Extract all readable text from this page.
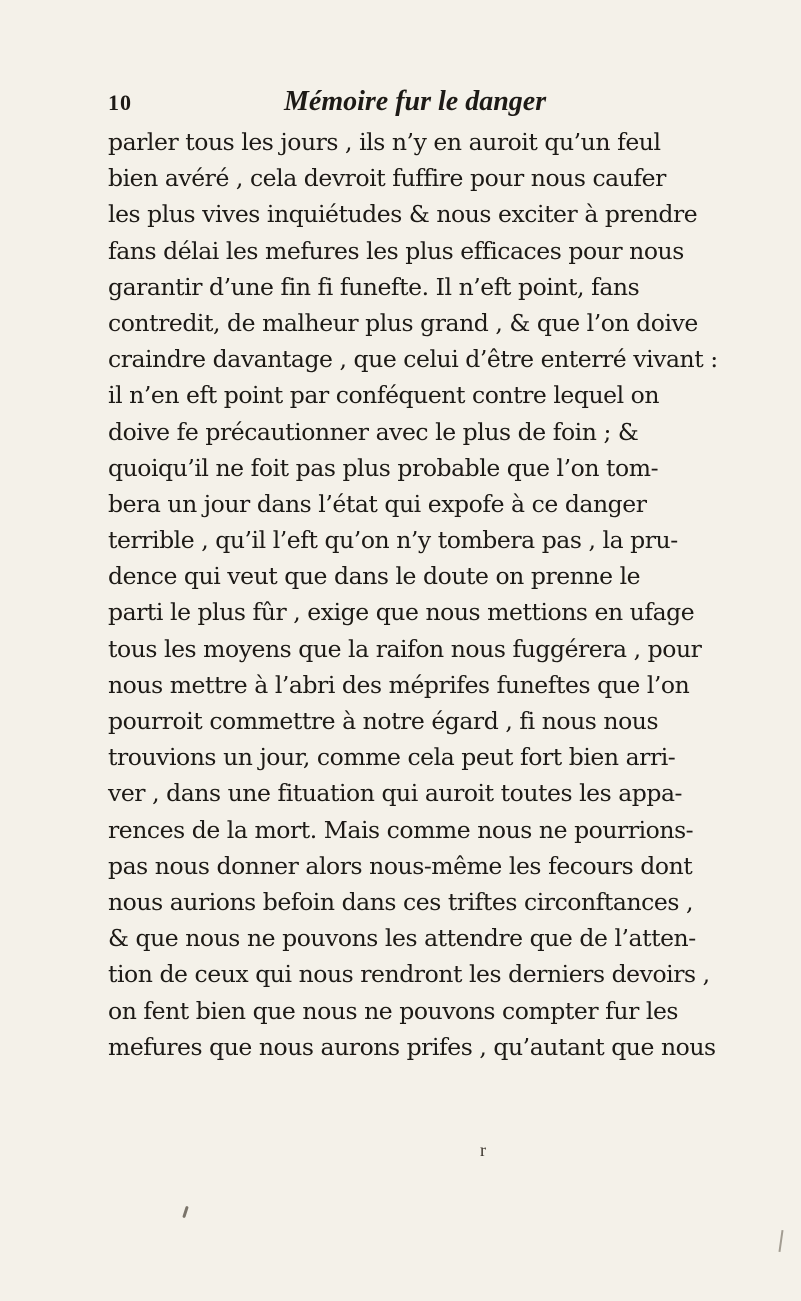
10	Mémoire fur le danger
parler tous les jours , ils n’y en auroit qu’un feul
bien avéré , cela devroit fuffire pour nous caufer
les plus vives inquiétudes & nous exciter à prendre
fans délai les mefures les plus efficaces pour nous
garantir d’une fin fi funefte. Il n’eft point, fans
contredit, de malheur plus grand , & que l’on doive
craindre davantage , que celui d’être enterré vivant :
il n’en eft point par conféquent contre lequel on
doive fe précautionner avec le plus de foin ; &
quoiqu’il ne foit pas plus probable que l’on tom-
bera un jour dans l’état qui expofe à ce danger
terrible , qu’il l’eft qu’on n’y tombera pas , la pru-
dence qui veut que dans le doute on prenne le
parti le plus fûr , exige que nous mettions en ufage
tous les moyens que la raifon nous fuggérera , pour
nous mettre à l’abri des méprifes funeftes que l’on
pourroit commettre à notre égard , fi nous nous
trouvions un jour, comme cela peut fort bien arri-
ver , dans une fituation qui auroit toutes les appa-
rences de la mort. Mais comme nous ne pourrions-
pas nous donner alors nous-même les fecours dont
nous aurions befoin dans ces triftes circonftances ,
& que nous ne pouvons les attendre que de l’atten-
tion de ceux qui nous rendront les derniers devoirs ,
on fent bien que nous ne pouvons compter fur les
mefures que nous aurons prifes , qu’autant que nous
r
